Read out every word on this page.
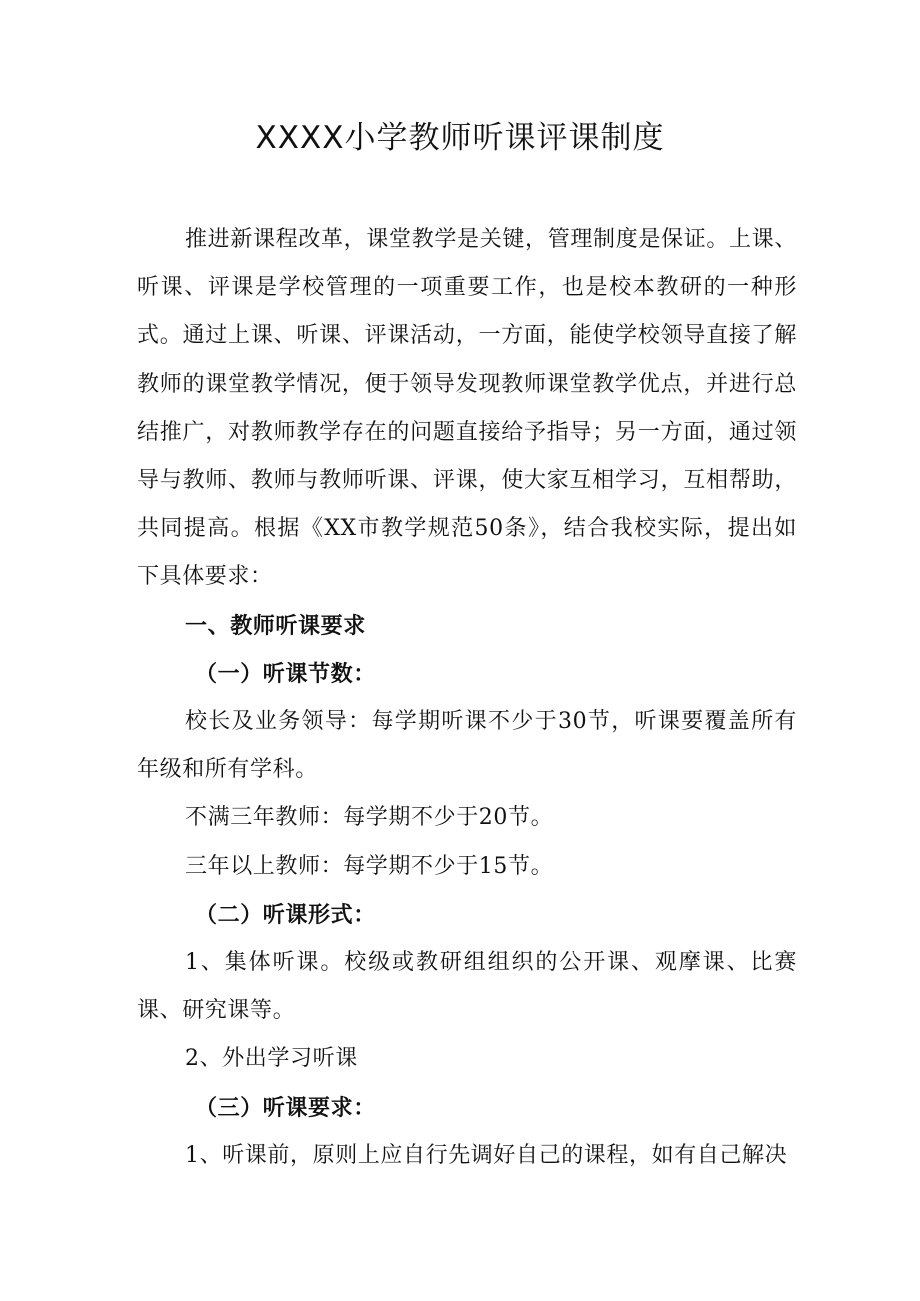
XXXX小学教师听课评课制度

推进新课程改革，课堂教学是关键，管理制度是保证。上课、听课、评课是学校管理的一项重要工作，也是校本教研的一种形式。通过上课、听课、评课活动，一方面，能使学校领导直接了解教师的课堂教学情况，便于领导发现教师课堂教学优点，并进行总结推广，对教师教学存在的问题直接给予指导；另一方面，通过领导与教师、教师与教师听课、评课，使大家互相学习，互相帮助，共同提高。根据《XX市教学规范50条》，结合我校实际，提出如下具体要求：

一、教师听课要求

（一）听课节数：

校长及业务领导：每学期听课不少于30节，听课要覆盖所有年级和所有学科。

不满三年教师：每学期不少于20节。

三年以上教师：每学期不少于15节。

（二）听课形式：

1、集体听课。校级或教研组组织的公开课、观摩课、比赛课、研究课等。

2、外出学习听课

（三）听课要求：

1、听课前，原则上应自行先调好自己的课程，如有自己解决
